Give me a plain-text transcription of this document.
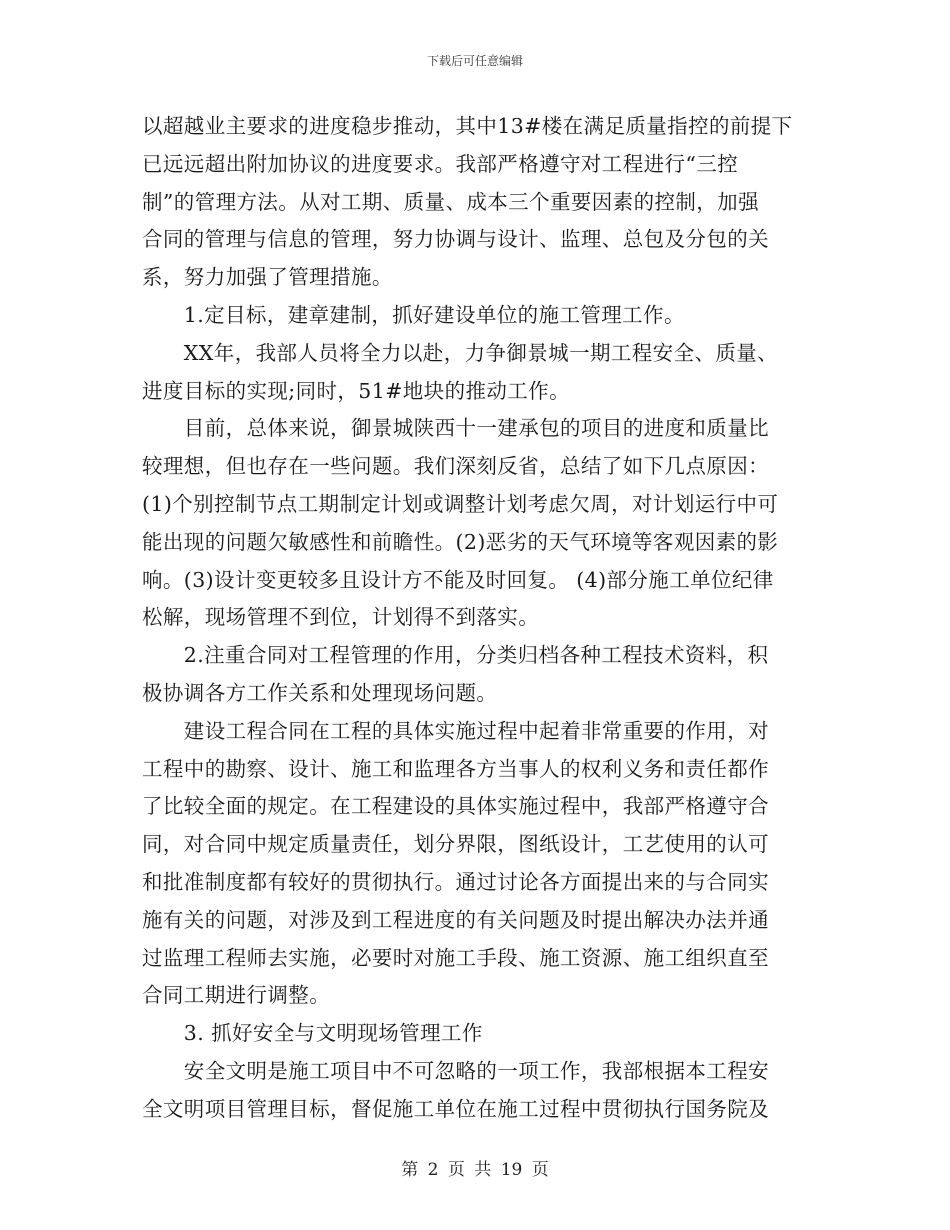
下载后可任意编辑
以超越业主要求的进度稳步推动，其中13#楼在满足质量指控的前提下
已远远超出附加协议的进度要求。我部严格遵守对工程进行“三控
制”的管理方法。从对工期、质量、成本三个重要因素的控制，加强
合同的管理与信息的管理，努力协调与设计、监理、总包及分包的关
系，努力加强了管理措施。
　　1.定目标，建章建制，抓好建设单位的施工管理工作。
　　XX年，我部人员将全力以赴，力争御景城一期工程安全、质量、
进度目标的实现;同时，51#地块的推动工作。
　　目前，总体来说，御景城陕西十一建承包的项目的进度和质量比
较理想，但也存在一些问题。我们深刻反省，总结了如下几点原因：
(1)个别控制节点工期制定计划或调整计划考虑欠周，对计划运行中可
能出现的问题欠敏感性和前瞻性。(2)恶劣的天气环境等客观因素的影
响。(3)设计变更较多且设计方不能及时回复。 (4)部分施工单位纪律
松解，现场管理不到位，计划得不到落实。
　　2.注重合同对工程管理的作用，分类归档各种工程技术资料，积
极协调各方工作关系和处理现场问题。
　　建设工程合同在工程的具体实施过程中起着非常重要的作用，对
工程中的勘察、设计、施工和监理各方当事人的权利义务和责任都作
了比较全面的规定。在工程建设的具体实施过程中，我部严格遵守合
同，对合同中规定质量责任，划分界限，图纸设计，工艺使用的认可
和批准制度都有较好的贯彻执行。通过讨论各方面提出来的与合同实
施有关的问题，对涉及到工程进度的有关问题及时提出解决办法并通
过监理工程师去实施，必要时对施工手段、施工资源、施工组织直至
合同工期进行调整。
　　3. 抓好安全与文明现场管理工作
　　安全文明是施工项目中不可忽略的一项工作，我部根据本工程安
全文明项目管理目标，督促施工单位在施工过程中贯彻执行国务院及
第 2 页 共 19 页
